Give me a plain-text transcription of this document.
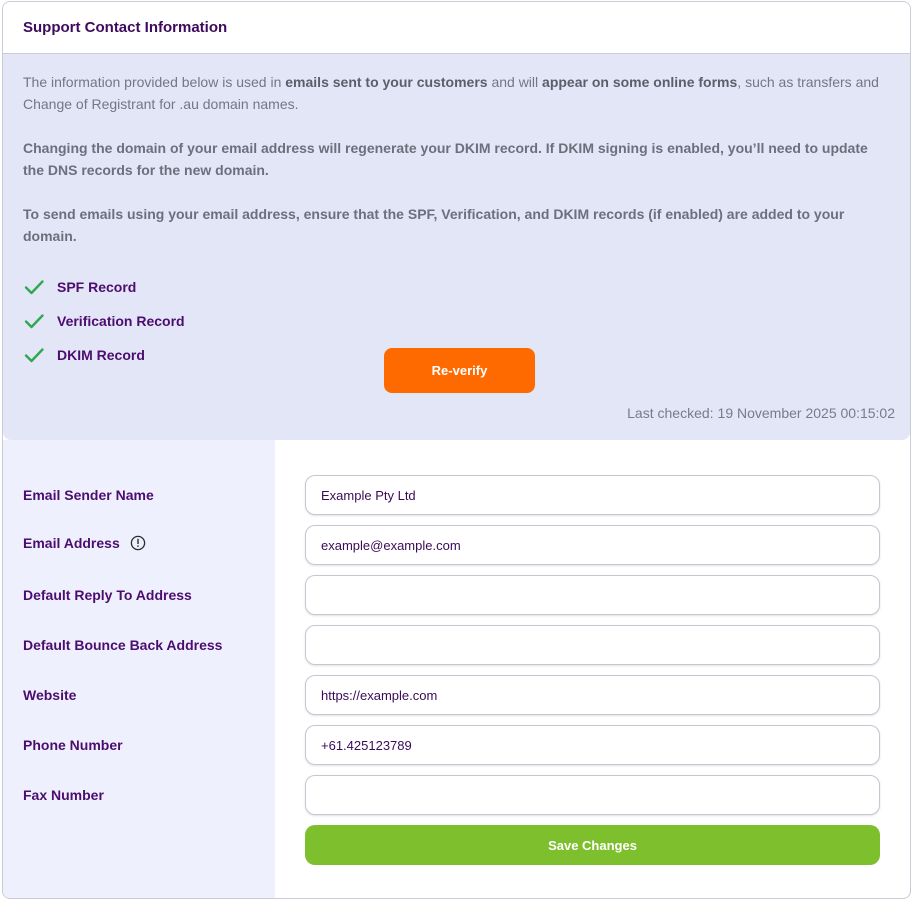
Support Contact Information

The information provided below is used in emails sent to your customers and will appear on some online forms, such as transfers and Change of Registrant for .au domain names.

Changing the domain of your email address will regenerate your DKIM record. If DKIM signing is enabled, you’ll need to update the DNS records for the new domain.

To send emails using your email address, ensure that the SPF, Verification, and DKIM records (if enabled) are added to your domain.

SPF Record
Verification Record
DKIM Record
Re-verify
Last checked: 19 November 2025 00:15:02
Email Sender Name
Example Pty Ltd
Email Address
example@example.com
Default Reply To Address
Default Bounce Back Address
Website
https://example.com
Phone Number
+61.425123789
Fax Number
Save Changes
